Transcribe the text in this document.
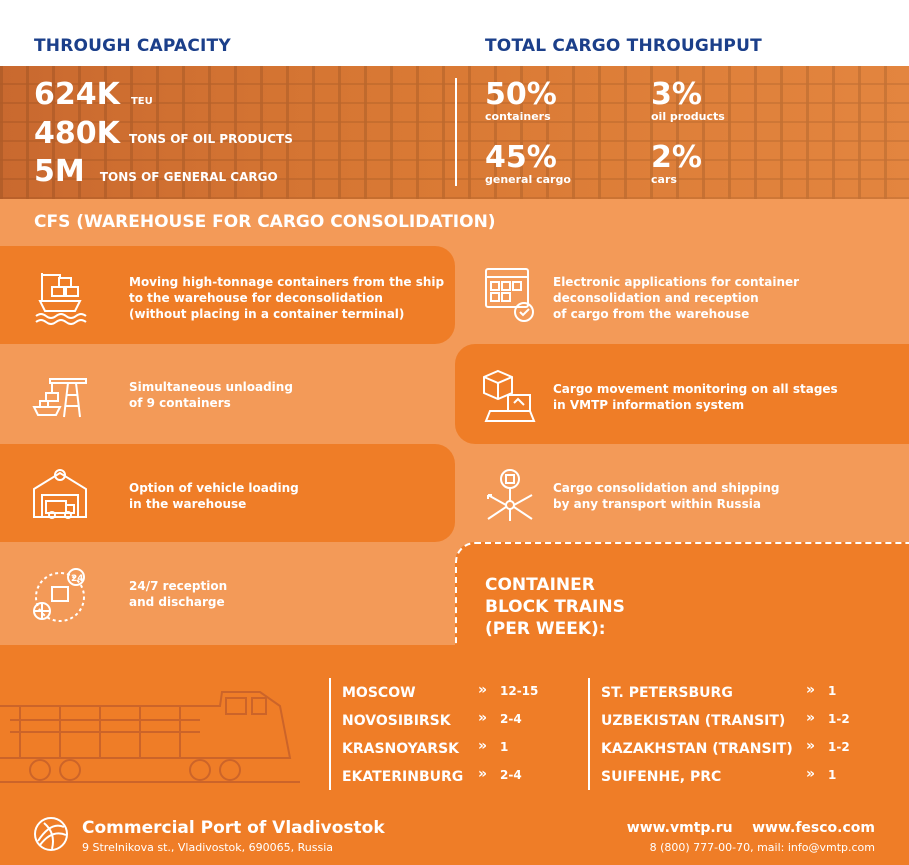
THROUGH CAPACITY	TOTAL CARGO THROUGHPUT
624K TEU
480K TONS OF OIL PRODUCTS
5M TONS OF GENERAL CARGO
50%
containers
3%
oil products
45%
general cargo
2%
cars
CFS (WAREHOUSE FOR CARGO CONSOLIDATION)
24
Moving high-tonnage containers from the ship
to the warehouse for deconsolidation
(without placing in a container terminal)
Electronic applications for container
deconsolidation and reception
of cargo from the warehouse
Simultaneous unloading
of 9 containers
Cargo movement monitoring on all stages
in VMTP information system
Option of vehicle loading
in the warehouse
Cargo consolidation and shipping
by any transport within Russia
24/7 reception
and discharge
CONTAINER
BLOCK TRAINS
(PER WEEK):
MOSCOW	» 12-15
NOVOSIBIRSK » 2-4
KRASNOYARSK » 1
EKATERINBURG » 2-4
ST. PETERSBURG	» 1
UZBEKISTAN (TRANSIT) » 1-2
KAZAKHSTAN (TRANSIT) » 1-2
SUIFENHE, PRC	» 1
Commercial Port of Vladivostok
9 Strelnikova st., Vladivostok, 690065, Russia
www.vmtp.ru    www.fesco.com
8 (800) 777-00-70, mail: info@vmtp.com
